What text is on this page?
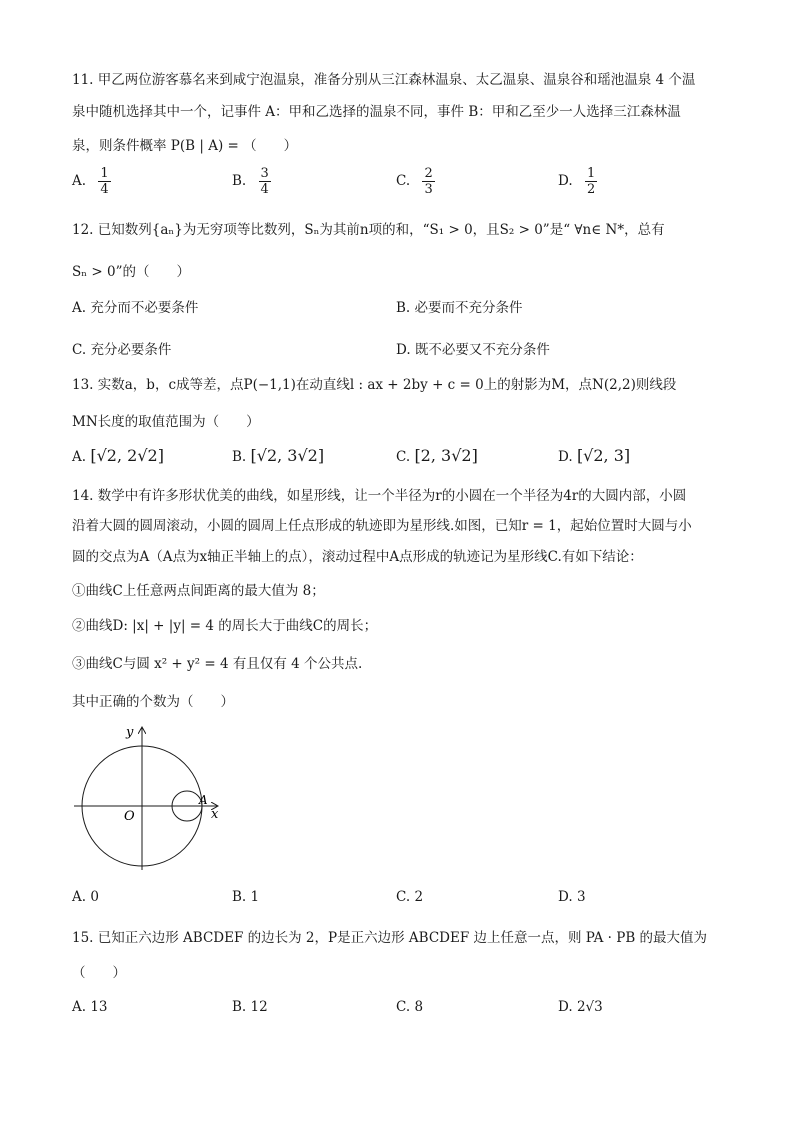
11. 甲乙两位游客慕名来到咸宁泡温泉，准备分别从三江森林温泉、太乙温泉、温泉谷和瑶池温泉 4 个温
泉中随机选择其中一个，记事件 A：甲和乙选择的温泉不同，事件 B：甲和乙至少一人选择三江森林温
泉，则条件概率 P(B | A) = （　　）
A. $\frac{1}{4}$	B. $\frac{3}{4}$	C. $\frac{2}{3}$	D. $\frac{1}{2}$
12. 已知数列{aₙ}为无穷项等比数列，Sₙ为其前n项的和，“S₁ > 0，且S₂ > 0”是“ ∀n∈ N*，总有
Sₙ > 0”的（　　）
A. 充分而不必要条件	B. 必要而不充分条件
C. 充分必要条件	D. 既不必要又不充分条件
13. 实数a，b，c成等差，点P(−1,1)在动直线l : ax + 2by + c = 0上的射影为M，点N(2,2)则线段
MN长度的取值范围为（　　）
A. [√2, 2√2]	B. [√2, 3√2]	C. [2, 3√2]	D. [√2, 3]
14. 数学中有许多形状优美的曲线，如星形线，让一个半径为r的小圆在一个半径为4r的大圆内部，小圆
沿着大圆的圆周滚动，小圆的圆周上任点形成的轨迹即为星形线.如图，已知r = 1，起始位置时大圆与小
圆的交点为A（A点为x轴正半轴上的点），滚动过程中A点形成的轨迹记为星形线C.有如下结论：
①曲线C上任意两点间距离的最大值为 8；
②曲线D: |x| + |y| = 4 的周长大于曲线C的周长；
③曲线C与圆 x² + y² = 4 有且仅有 4 个公共点.
其中正确的个数为（　　）
y
x
O
A
A. 0	B. 1	C. 2	D. 3
15. 已知正六边形 ABCDEF 的边长为 2，P是正六边形 ABCDEF 边上任意一点，则 PA · PB 的最大值为
（　　）
A. 13	B. 12	C. 8	D. 2√3
